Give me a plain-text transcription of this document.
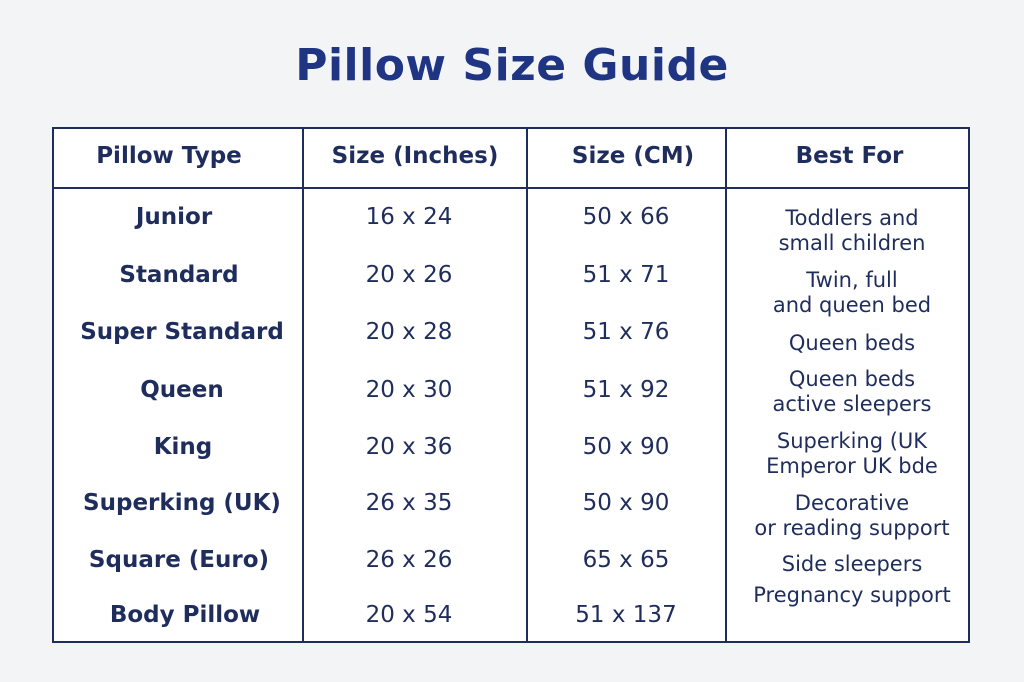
Pillow Size Guide
Pillow Type	Size (Inches)	Size (CM)	Best For
Junior	16 x 24	50 x 66	Toddlers and
small children
Standard	20 x 26	51 x 71	Twin, full
and queen bed
Super Standard	20 x 28	51 x 76	Queen beds
Queen	20 x 30	51 x 92	Queen beds
active sleepers
King	20 x 36	50 x 90	Superking (UK
Emperor UK bde
Superking (UK)	26 x 35	50 x 90	Decorative
or reading support
Square (Euro)	26 x 26	65 x 65	Side sleepers
Body Pillow	20 x 54	51 x 137
Pregnancy support
